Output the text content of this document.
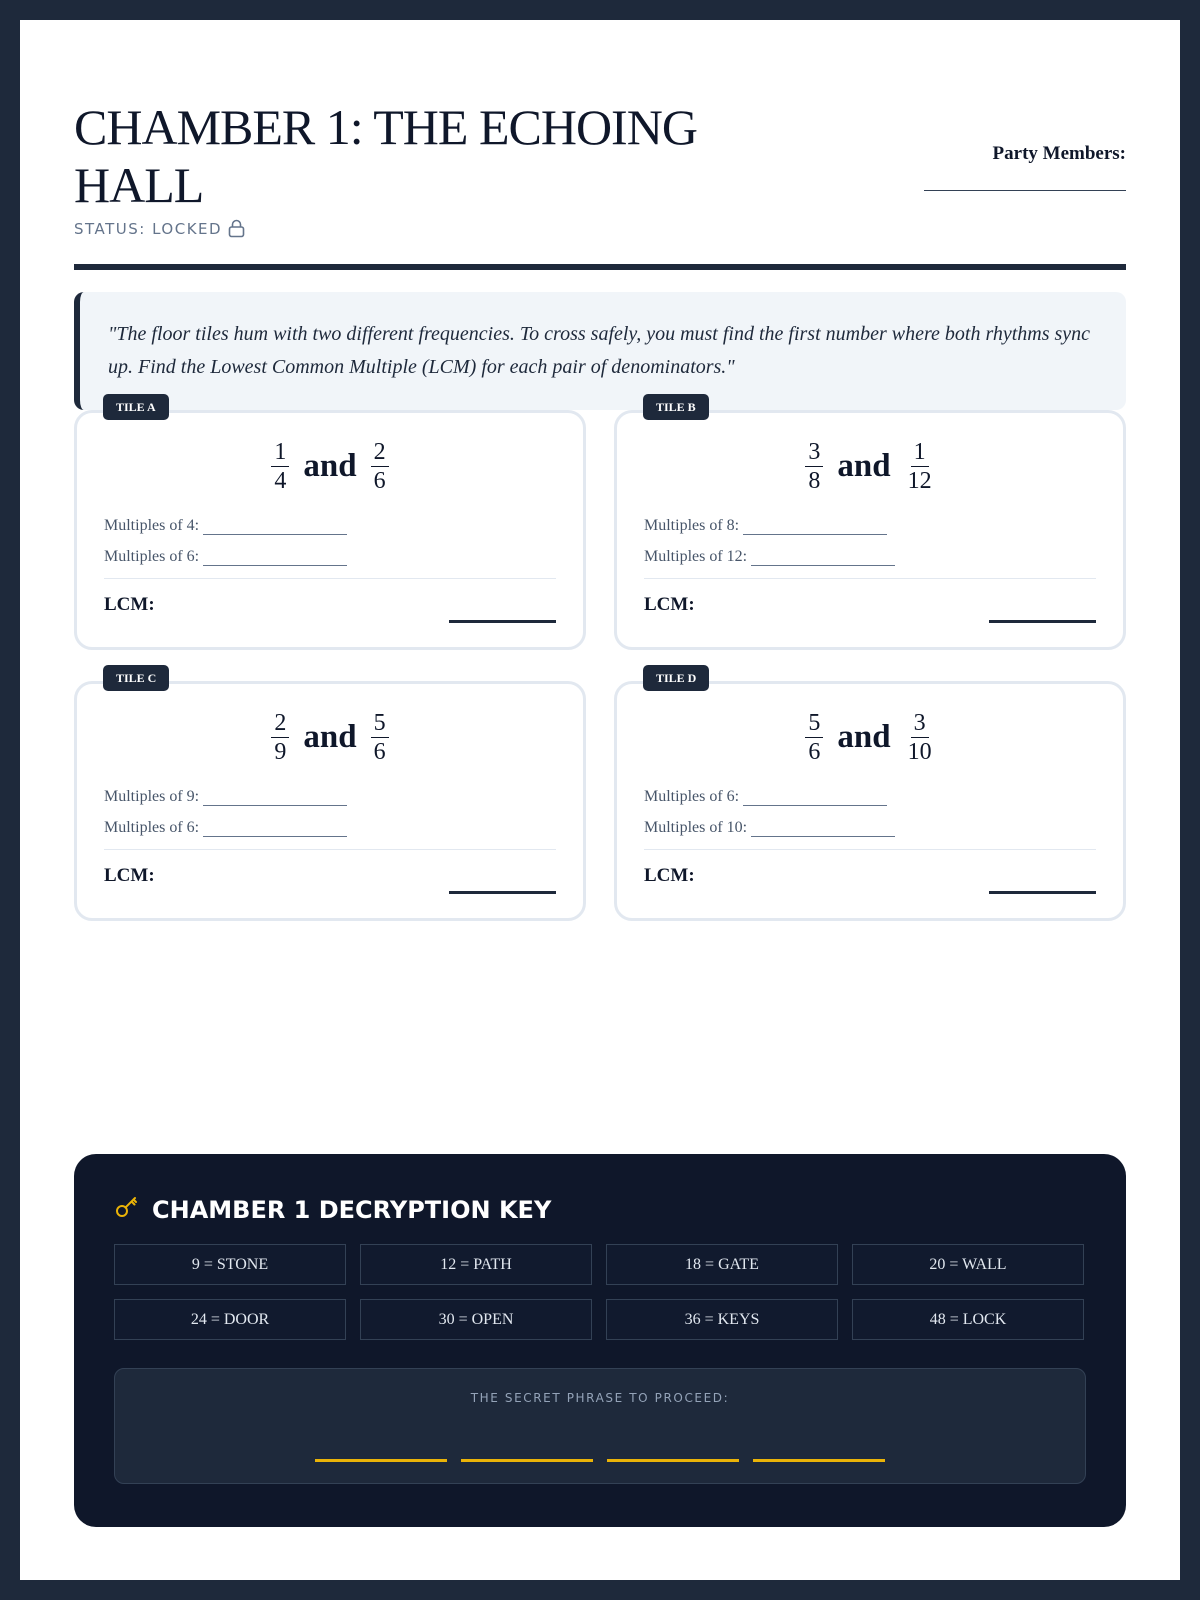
CHAMBER 1: THE ECHOING HALL
STATUS: LOCKED
Party Members:
"The floor tiles hum with two different frequencies. To cross safely, you must find the first number where both rhythms sync up. Find the Lowest Common Multiple (LCM) for each pair of denominators."
TILE A
$\frac{1}{4}$ and $\frac{2}{6}$
Multiples of 4:
Multiples of 6:
LCM:
TILE B
$\frac{3}{8}$ and $\frac{1}{12}$
Multiples of 8:
Multiples of 12:
LCM:
TILE C
$\frac{2}{9}$ and $\frac{5}{6}$
Multiples of 9:
Multiples of 6:
LCM:
TILE D
$\frac{5}{6}$ and $\frac{3}{10}$
Multiples of 6:
Multiples of 10:
LCM:
CHAMBER 1 DECRYPTION KEY
9 = STONE	12 = PATH	18 = GATE	20 = WALL
24 = DOOR	30 = OPEN	36 = KEYS	48 = LOCK
THE SECRET PHRASE TO PROCEED:
